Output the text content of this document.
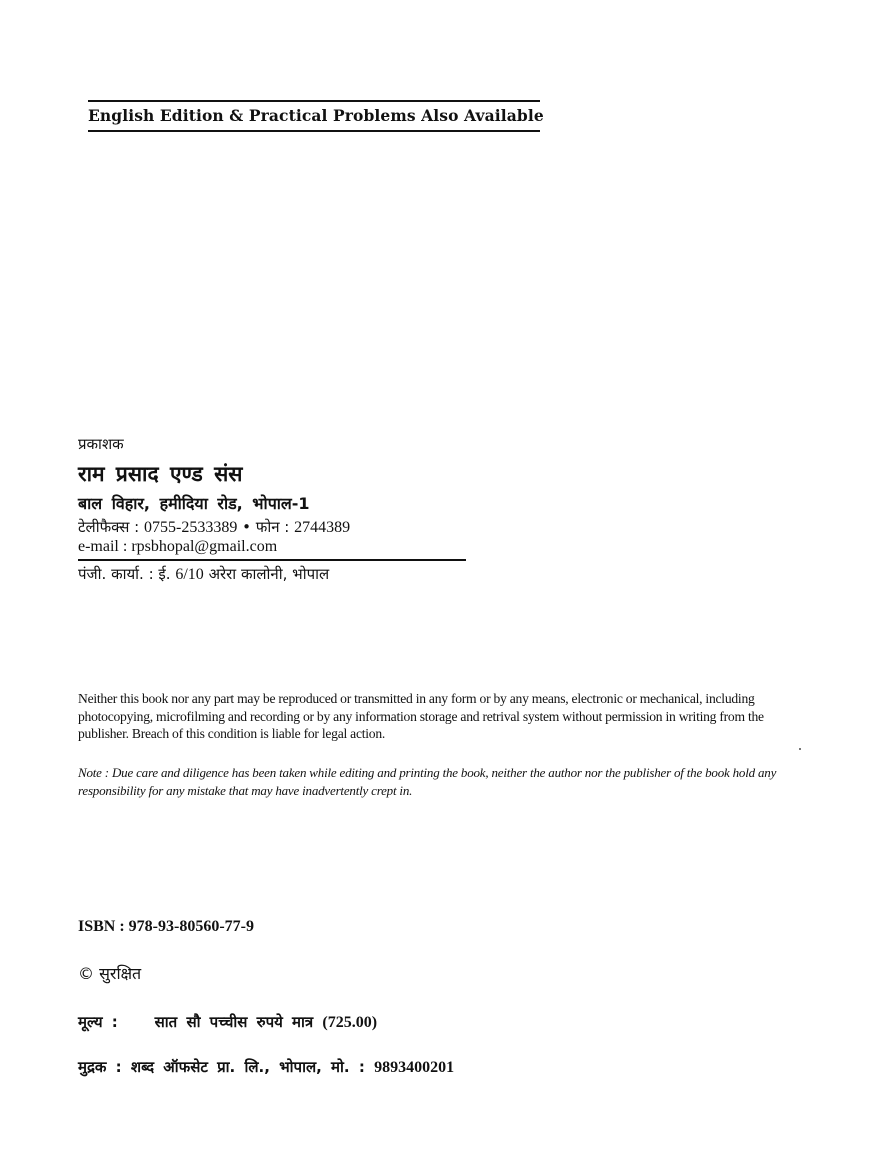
English Edition & Practical Problems Also Available
प्रकाशक
राम प्रसाद एण्ड संस
बाल विहार, हमीदिया रोड, भोपाल-1
टेलीफैक्स : 0755-2533389 • फोन : 2744389
e-mail : rpsbhopal@gmail.com
पंजी. कार्या. : ई. 6/10 अरेरा कालोनी, भोपाल
Neither this book nor any part may be reproduced or transmitted in any form or by any means, electronic or mechanical, including photocopying, microfilming and recording or by any information storage and retrival system without permission in writing from the publisher. Breach of this condition is liable for legal action.
Note : Due care and diligence has been taken while editing and printing the book, neither the author nor the publisher of the book hold any responsibility for any mistake that may have inadvertently crept in.
ISBN : 978-93-80560-77-9
© सुरक्षित
मूल्य : सात सौ पच्चीस रुपये मात्र (725.00)
मुद्रक : शब्द ऑफसेट प्रा. लि., भोपाल, मो. : 9893400201
